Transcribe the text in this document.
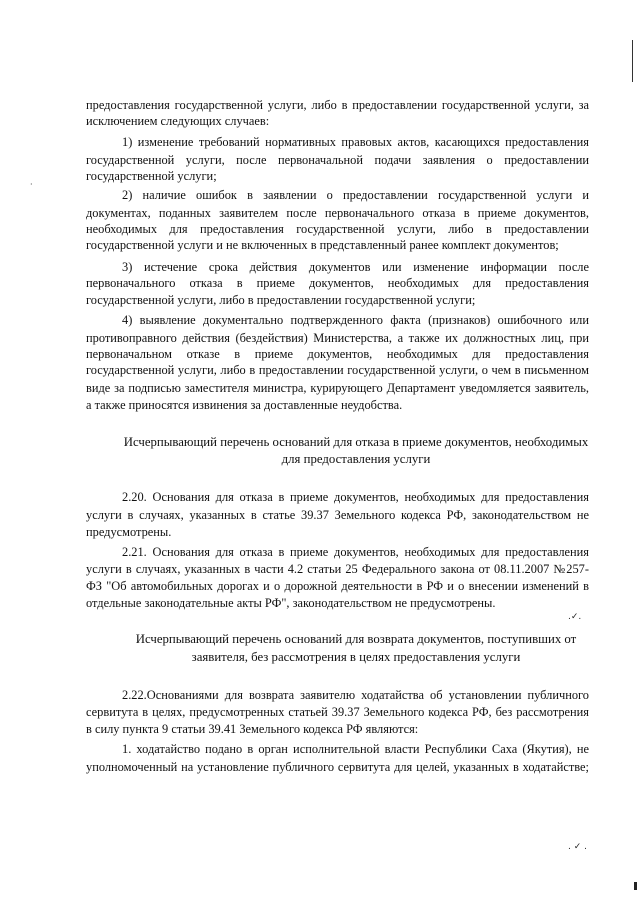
предоставления государственной услуги, либо в предоставлении государственной услуги, за
исключением следующих случаев:
1) изменение требований нормативных правовых актов, касающихся предоставления
государственной услуги, после первоначальной подачи заявления о предоставлении
государственной услуги;
2) наличие ошибок в заявлении о предоставлении государственной услуги и
документах, поданных заявителем после первоначального отказа в приеме документов,
необходимых для предоставления государственной услуги, либо в предоставлении
государственной услуги и не включенных в представленный ранее комплект документов;
3) истечение срока действия документов или изменение информации после
первоначального отказа в приеме документов, необходимых для предоставления
государственной услуги, либо в предоставлении государственной услуги;
4) выявление документально подтвержденного факта (признаков) ошибочного или
противоправного действия (бездействия) Министерства, а также их должностных лиц, при
первоначальном отказе в приеме документов, необходимых для предоставления
государственной услуги, либо в предоставлении государственной услуги, о чем в письменном
виде за подписью заместителя министра, курирующего Департамент уведомляется заявитель,
а также приносятся извинения за доставленные неудобства.
Исчерпывающий перечень оснований для отказа в приеме документов, необходимых
для предоставления услуги
2.20. Основания для отказа в приеме документов, необходимых для предоставления
услуги в случаях, указанных в статье 39.37 Земельного кодекса РФ, законодательством не
предусмотрены.
2.21. Основания для отказа в приеме документов, необходимых для предоставления
услуги в случаях, указанных в части 4.2 статьи 25 Федерального закона от 08.11.2007 №257-
ФЗ "Об автомобильных дорогах и о дорожной деятельности в РФ и о внесении изменений в
отдельные законодательные акты РФ", законодательством не предусмотрены.
.✓.
Исчерпывающий перечень оснований для возврата документов, поступивших от
заявителя, без рассмотрения в целях предоставления услуги
2.22.Основаниями для возврата заявителю ходатайства об установлении публичного
сервитута в целях, предусмотренных статьей 39.37 Земельного кодекса РФ, без рассмотрения
в силу пункта 9 статьи 39.41 Земельного кодекса РФ являются:
1. ходатайство подано в орган исполнительной власти Республики Саха (Якутия), не
уполномоченный на установление публичного сервитута для целей, указанных в ходатайстве;
·
. ✓ .
